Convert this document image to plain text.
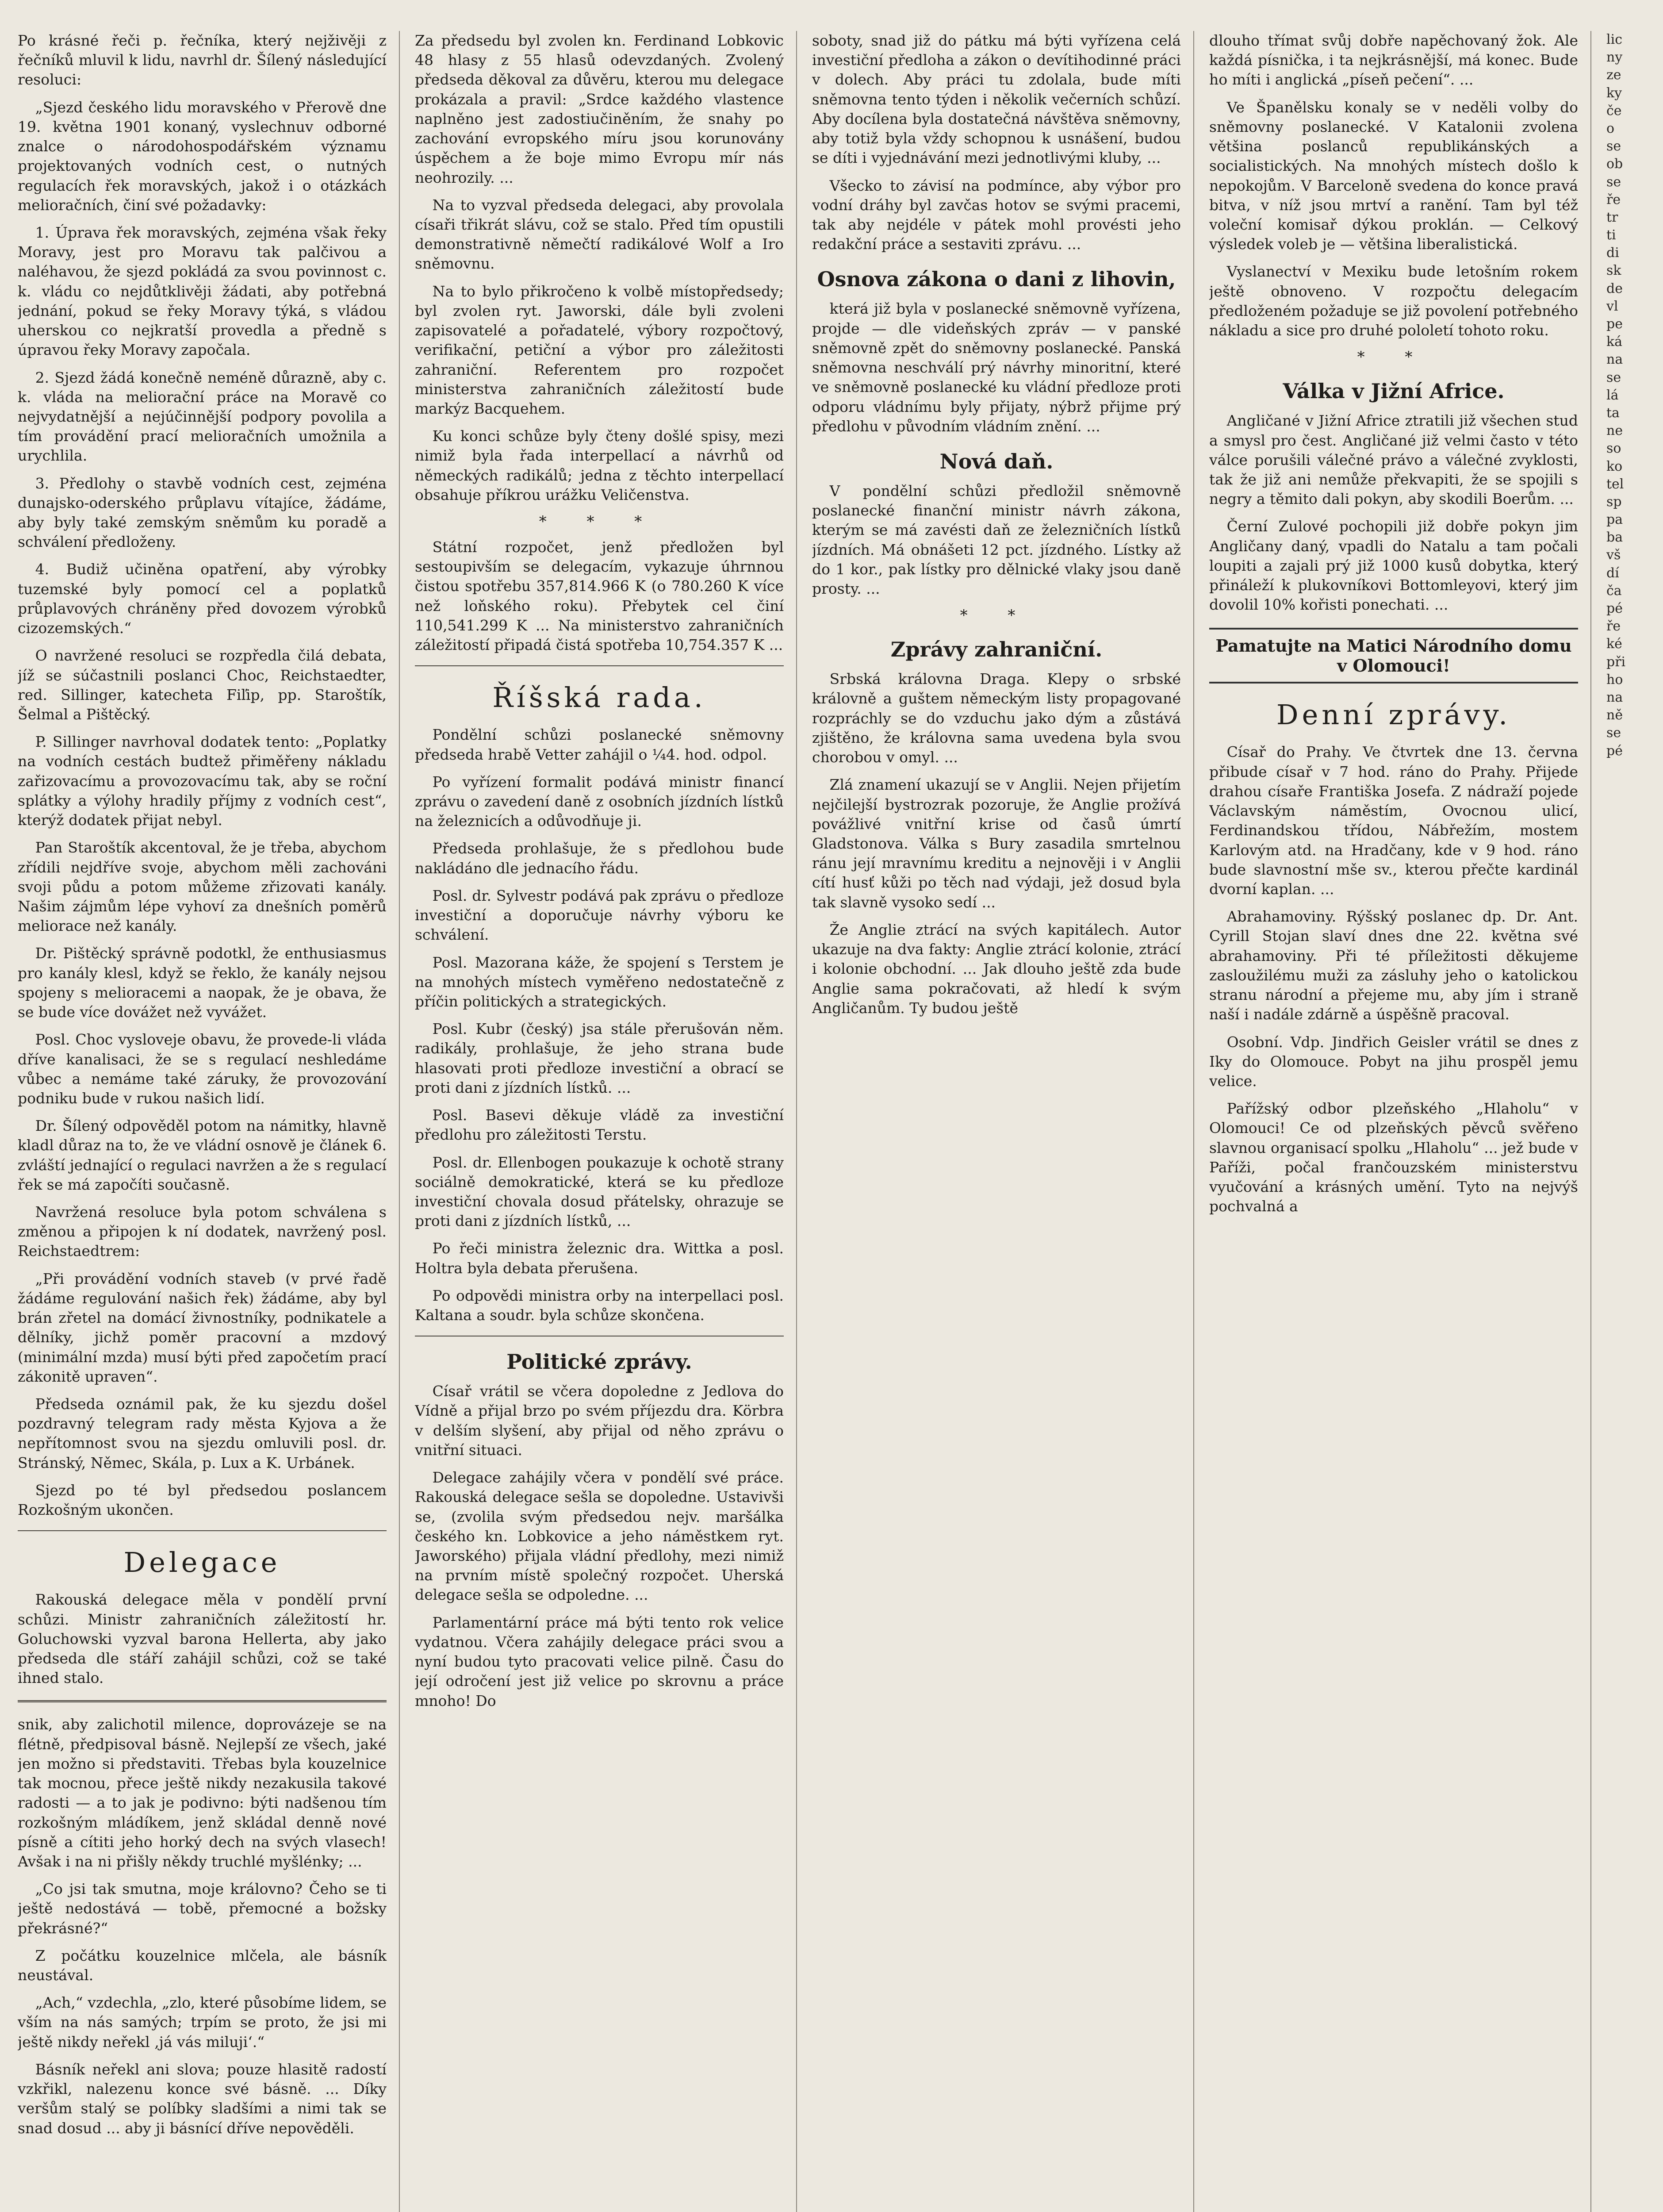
Po krásné řeči p. řečníka, který nejživěji z řečníků mluvil k lidu, navrhl dr. Šílený následující resoluci:

„Sjezd českého lidu moravského v Přerově dne 19. května 1901 konaný, vyslechnuv odborné znalce o národohospodářském významu projektovaných vodních cest, o nutných regulacích řek moravských, jakož i o otázkách melioračních, činí své požadavky:

1. Úprava řek moravských, zejména však řeky Moravy, jest pro Moravu tak palčivou a naléhavou, že sjezd pokládá za svou povinnost c. k. vládu co nejdůtklivěji žádati, aby potřebná jednání, pokud se řeky Moravy týká, s vládou uherskou co nejkratší provedla a předně s úpravou řeky Moravy započala.

2. Sjezd žádá konečně neméně důrazně, aby c. k. vláda na meliorační práce na Moravě co nejvydatnější a nejúčinnější podpory povolila a tím provádění prací melioračních umožnila a urychlila.

3. Předlohy o stavbě vodních cest, zejména dunajsko-oderského průplavu vítajíce, žádáme, aby byly také zemským sněmům ku poradě a schválení předloženy.

4. Budiž učiněna opatření, aby výrobky tuzemské byly pomocí cel a poplatků průplavových chráněny před dovozem výrobků cizozemských.“

O navržené resoluci se rozpředla čilá debata, jíž se súčastnili poslanci Choc, Reichstaedter, red. Sillinger, katecheta Fiľip, pp. Staroštík, Šelmal a Pištěcký.

P. Sillinger navrhoval dodatek tento: „Poplatky na vodních cestách budtež přiměřeny nákladu zařizovacímu a provozovacímu tak, aby se roční splátky a výlohy hradily příjmy z vodních cest“, kterýž dodatek přijat nebyl.

Pan Staroštík akcentoval, že je třeba, abychom zřídili nejdříve svoje, abychom měli zachováni svoji půdu a potom můžeme zřizovati kanály. Našim zájmům lépe vyhoví za dnešních poměrů meliorace než kanály.

Dr. Pištěcký správně podotkl, že enthusiasmus pro kanály klesl, když se řeklo, že kanály nejsou spojeny s melioracemi a naopak, že je obava, že se bude více dovážet než vyvážet.

Posl. Choc vysloveje obavu, že provede-li vláda dříve kanalisaci, že se s regulací neshledáme vůbec a nemáme také záruky, že provozování podniku bude v rukou našich lidí.

Dr. Šílený odpověděl potom na námitky, hlavně kladl důraz na to, že ve vládní osnově je článek 6. zvláští jednající o regulaci navržen a že s regulací řek se má započíti současně.

Navržená resoluce byla potom schválena s změnou a připojen k ní dodatek, navržený posl. Reichstaedtrem:

„Při provádění vodních staveb (v prvé řadě žádáme regulování našich řek) žádáme, aby byl brán zřetel na domácí živnostníky, podnikatele a dělníky, jichž poměr pracovní a mzdový (minimální mzda) musí býti před započetím prací zákonitě upraven“.

Předseda oznámil pak, že ku sjezdu došel pozdravný telegram rady města Kyjova a že nepřítomnost svou na sjezdu omluvili posl. dr. Stránský, Němec, Skála, p. Lux a K. Urbánek.

Sjezd po té byl předsedou poslancem Rozkošným ukončen.

Delegace

Rakouská delegace měla v pondělí první schůzi. Ministr zahraničních záležitostí hr. Goluchowski vyzval barona Hellerta, aby jako předseda dle stáří zahájil schůzi, což se také ihned stalo.

snik, aby zalichotil milence, doprovázeje se na flétně, předpisoval básně. Nejlepší ze všech, jaké jen možno si představiti. Třebas byla kouzelnice tak mocnou, přece ještě nikdy nezakusila takové radosti — a to jak je podivno: býti nadšenou tím rozkošným mládíkem, jenž skládal denně nové písně a cítiti jeho horký dech na svých vlasech! Avšak i na ni přišly někdy truchlé myšlénky; ...

„Co jsi tak smutna, moje královno? Čeho se ti ještě nedostává — tobě, přemocné a božsky překrásné?“

Z počátku kouzelnice mlčela, ale básník neustával.

„Ach,“ vzdechla, „zlo, které působíme lidem, se vším na nás samých; trpím se proto, že jsi mi ještě nikdy neřekl ‚já vás miluji‘.“

Básník neřekl ani slova; pouze hlasitě radostí vzkřikl, nalezenu konce své básně. ... Díky veršům stalý se políbky sladšími a nimi tak se snad dosud ... aby ji básnící dříve nepověděli.

Za předsedu byl zvolen kn. Ferdinand Lobkovic 48 hlasy z 55 hlasů odevzdaných. Zvolený předseda děkoval za důvěru, kterou mu delegace prokázala a pravil: „Srdce každého vlastence naplněno jest zadostiučiněním, že snahy po zachování evropského míru jsou korunovány úspěchem a že boje mimo Evropu mír nás neohrozily. ...

Na to vyzval předseda delegaci, aby provolala císaři třikrát slávu, což se stalo. Před tím opustili demonstrativně němečtí radikálové Wolf a Iro sněmovnu.

Na to bylo přikročeno k volbě místopředsedy; byl zvolen ryt. Jaworski, dále byli zvoleni zapisovatelé a pořadatelé, výbory rozpočtový, verifikační, petiční a výbor pro záležitosti zahraniční. Referentem pro rozpočet ministerstva zahraničních záležitostí bude markýz Bacquehem.

Ku konci schůze byly čteny došlé spisy, mezi nimiž byla řada interpellací a návrhů od německých radikálů; jedna z těchto interpellací obsahuje příkrou urážku Veličenstva.

* * *

Státní rozpočet, jenž předložen byl sestoupivším se delegacím, vykazuje úhrnnou čistou spotřebu 357,814.966 K (o 780.260 K více než loňského roku). Přebytek cel činí 110,541.299 K ... Na ministerstvo zahraničních záležitostí připadá čistá spotřeba 10,754.357 K ...

Říšská rada.

Pondělní schůzi poslanecké sněmovny předseda hrabě Vetter zahájil o ¼4. hod. odpol.

Po vyřízení formalit podává ministr financí zprávu o zavedení daně z osobních jízdních lístků na železnicích a odůvodňuje ji.

Předseda prohlašuje, že s předlohou bude nakládáno dle jednacího řádu.

Posl. dr. Sylvestr podává pak zprávu o předloze investiční a doporučuje návrhy výboru ke schválení.

Posl. Mazorana káže, že spojení s Terstem je na mnohých místech vyměřeno nedostatečně z příčin politických a strategických.

Posl. Kubr (český) jsa stále přerušován něm. radikály, prohlašuje, že jeho strana bude hlasovati proti předloze investiční a obrací se proti dani z jízdních lístků. ...

Posl. Basevi děkuje vládě za investiční předlohu pro záležitosti Terstu.

Posl. dr. Ellenbogen poukazuje k ochotě strany sociálně demokratické, která se ku předloze investiční chovala dosud přátelsky, ohrazuje se proti dani z jízdních lístků, ...

Po řeči ministra železnic dra. Wittka a posl. Holtra byla debata přerušena.

Po odpovědi ministra orby na interpellaci posl. Kaltana a soudr. byla schůze skončena.

Politické zprávy.

Císař vrátil se včera dopoledne z Jedlova do Vídně a přijal brzo po svém příjezdu dra. Körbra v delším slyšení, aby přijal od něho zprávu o vnitřní situaci.

Delegace zahájily včera v pondělí své práce. Rakouská delegace sešla se dopoledne. Ustavivši se, (zvolila svým předsedou nejv. maršálka českého kn. Lobkovice a jeho náměstkem ryt. Jaworského) přijala vládní předlohy, mezi nimiž na prvním místě společný rozpočet. Uherská delegace sešla se odpoledne. ...

Parlamentární práce má býti tento rok velice vydatnou. Včera zahájily delegace práci svou a nyní budou tyto pracovati velice pilně. Času do její odročení jest již velice po skrovnu a práce mnoho! Do

soboty, snad již do pátku má býti vyřízena celá investiční předloha a zákon o devítihodinné práci v dolech. Aby práci tu zdolala, bude míti sněmovna tento týden i několik večerních schůzí. Aby docílena byla dostatečná návštěva sněmovny, aby totiž byla vždy schopnou k usnášení, budou se díti i vyjednávání mezi jednotlivými kluby, ...

Všecko to závisí na podmínce, aby výbor pro vodní dráhy byl zavčas hotov se svými pracemi, tak aby nejdéle v pátek mohl provésti jeho redakční práce a sestaviti zprávu. ...

Osnova zákona o dani z lihovin,

která již byla v poslanecké sněmovně vyřízena, projde — dle videňských zpráv — v panské sněmovně zpět do sněmovny poslanecké. Panská sněmovna neschválí prý návrhy minoritní, které ve sněmovně poslanecké ku vládní předloze proti odporu vládnímu byly přijaty, nýbrž přijme prý předlohu v původním vládním znění. ...

Nová daň.

V pondělní schůzi předložil sněmovně poslanecké finanční ministr návrh zákona, kterým se má zavésti daň ze železničních lístků jízdních. Má obnášeti 12 pct. jízdného. Lístky až do 1 kor., pak lístky pro dělnické vlaky jsou daně prosty. ...

* *
Zprávy zahraniční.

Srbská královna Draga. Klepy o srbské královně a guštem německým listy propagované rozpráchly se do vzduchu jako dým a zůstává zjištěno, že královna sama uvedena byla svou chorobou v omyl. ...

Zlá znamení ukazují se v Anglii. Nejen přijetím nejčilejší bystrozrak pozoruje, že Anglie prožívá povážlivé vnitřní krise od časů úmrtí Gladstonova. Válka s Bury zasadila smrtelnou ránu její mravnímu kreditu a nejnověji i v Anglii cítí husť kůži po těch nad výdaji, jež dosud byla tak slavně vysoko sedí ...

Že Anglie ztrácí na svých kapitálech. Autor ukazuje na dva fakty: Anglie ztrácí kolonie, ztrácí i kolonie obchodní. ... Jak dlouho ještě zda bude Anglie sama pokračovati, až hledí k svým Angličanům. Ty budou ještě

dlouho třímat svůj dobře napěchovaný žok. Ale každá písnička, i ta nejkrásnější, má konec. Bude ho míti i anglická „píseň pečení“. ...

Ve Španělsku konaly se v neděli volby do sněmovny poslanecké. V Katalonii zvolena většina poslanců republikánských a socialistických. Na mnohých místech došlo k nepokojům. V Barceloně svedena do konce pravá bitva, v níž jsou mrtví a ranění. Tam byl též voleční komisař dýkou proklán. — Celkový výsledek voleb je — většina liberalistická.

Vyslanectví v Mexiku bude letošním rokem ještě obnoveno. V rozpočtu delegacím předloženém požaduje se již povolení potřebného nákladu a sice pro druhé pololetí tohoto roku.

* *
Válka v Jižní Africe.

Angličané v Jižní Africe ztratili již všechen stud a smysl pro čest. Angličané již velmi často v této válce porušili válečné právo a válečné zvyklosti, tak že již ani nemůže překvapiti, že se spojili s negry a těmito dali pokyn, aby skodili Boerům. ...

Černí Zulové pochopili již dobře pokyn jim Angličany daný, vpadli do Natalu a tam počali loupiti a zajali prý již 1000 kusů dobytka, který přináleží k plukovníkovi Bottomleyovi, který jim dovolil 10% kořisti ponechati. ...

Pamatujte na Matici Národního domu v Olomouci!
Denní zprávy.

Císař do Prahy. Ve čtvrtek dne 13. června přibude císař v 7 hod. ráno do Prahy. Přijede drahou císaře Františka Josefa. Z nádraží pojede Václavským náměstím, Ovocnou ulicí, Ferdinandskou třídou, Nábřežím, mostem Karlovým atd. na Hradčany, kde v 9 hod. ráno bude slavnostní mše sv., kterou přečte kardinál dvorní kaplan. ...

Abrahamoviny. Rýšský poslanec dp. Dr. Ant. Cyrill Stojan slaví dnes dne 22. května své abrahamoviny. Při té příležitosti děkujeme zasloužilému muži za zásluhy jeho o katolickou stranu národní a přejeme mu, aby jím i straně naší i nadále zdárně a úspěšně pracoval.

Osobní. Vdp. Jindřich Geisler vrátil se dnes z Iky do Olomouce. Pobyt na jihu prospěl jemu velice.

Pařížský odbor plzeňského „Hlaholu“ v Olomouci! Ce od plzeňských pěvců svěřeno slavnou organisací spolku „Hlaholu“ ... jež bude v Paříži, počal frančouzském ministerstvu vyučování a krásných umění. Tyto na nejvýš pochvalná a

lic ny ze ky če o se ob se ře tr ti di sk de vl pe ká na se lá ta ne so ko tel sp pa ba vš dí ča pé ře ké při ho na ně se pé
